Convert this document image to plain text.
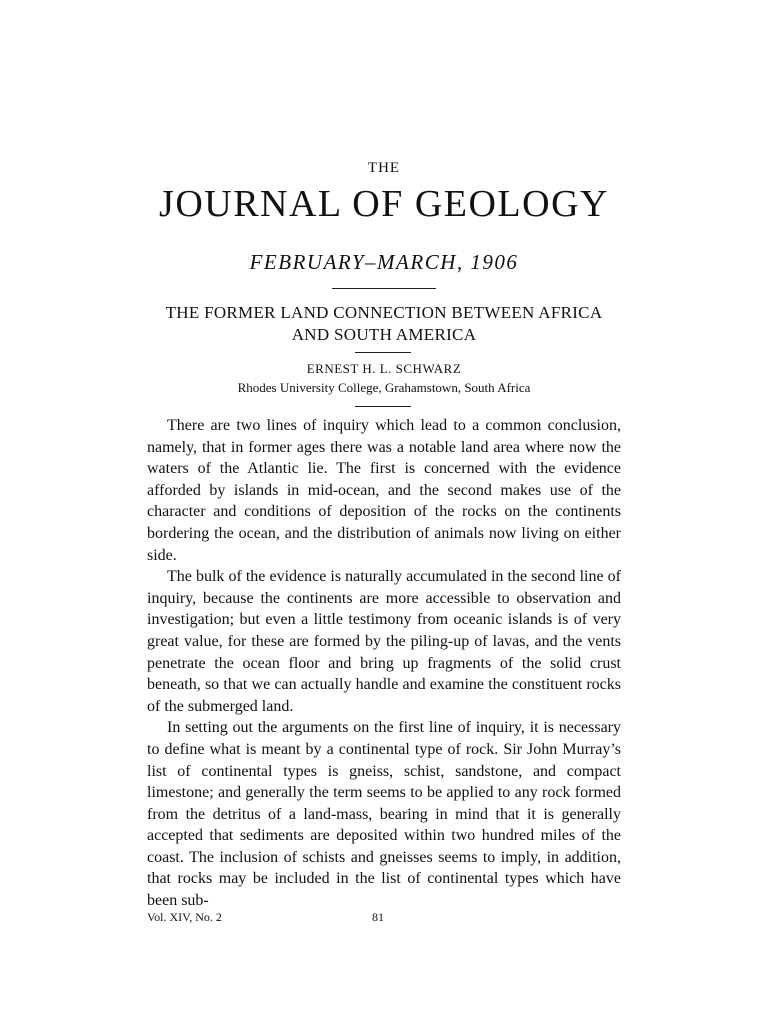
THE
JOURNAL OF GEOLOGY
FEBRUARY–MARCH, 1906
THE FORMER LAND CONNECTION BETWEEN AFRICA
AND SOUTH AMERICA
ERNEST H. L. SCHWARZ
Rhodes University College, Grahamstown, South Africa

There are two lines of inquiry which lead to a common conclusion, namely, that in former ages there was a notable land area where now the waters of the Atlantic lie. The first is concerned with the evidence afforded by islands in mid-ocean, and the second makes use of the character and conditions of deposition of the rocks on the continents bordering the ocean, and the distribution of animals now living on either side.

The bulk of the evidence is naturally accumulated in the second line of inquiry, because the continents are more accessible to observation and investigation; but even a little testimony from oceanic islands is of very great value, for these are formed by the piling-up of lavas, and the vents penetrate the ocean floor and bring up fragments of the solid crust beneath, so that we can actually handle and examine the constituent rocks of the submerged land.

In setting out the arguments on the first line of inquiry, it is necessary to define what is meant by a continental type of rock. Sir John Murray’s list of continental types is gneiss, schist, sandstone, and compact limestone; and generally the term seems to be applied to any rock formed from the detritus of a land-mass, bearing in mind that it is generally accepted that sediments are deposited within two hundred miles of the coast. The inclusion of schists and gneisses seems to imply, in addition, that rocks may be included in the list of continental types which have been sub-

Vol. XIV, No. 2	81
